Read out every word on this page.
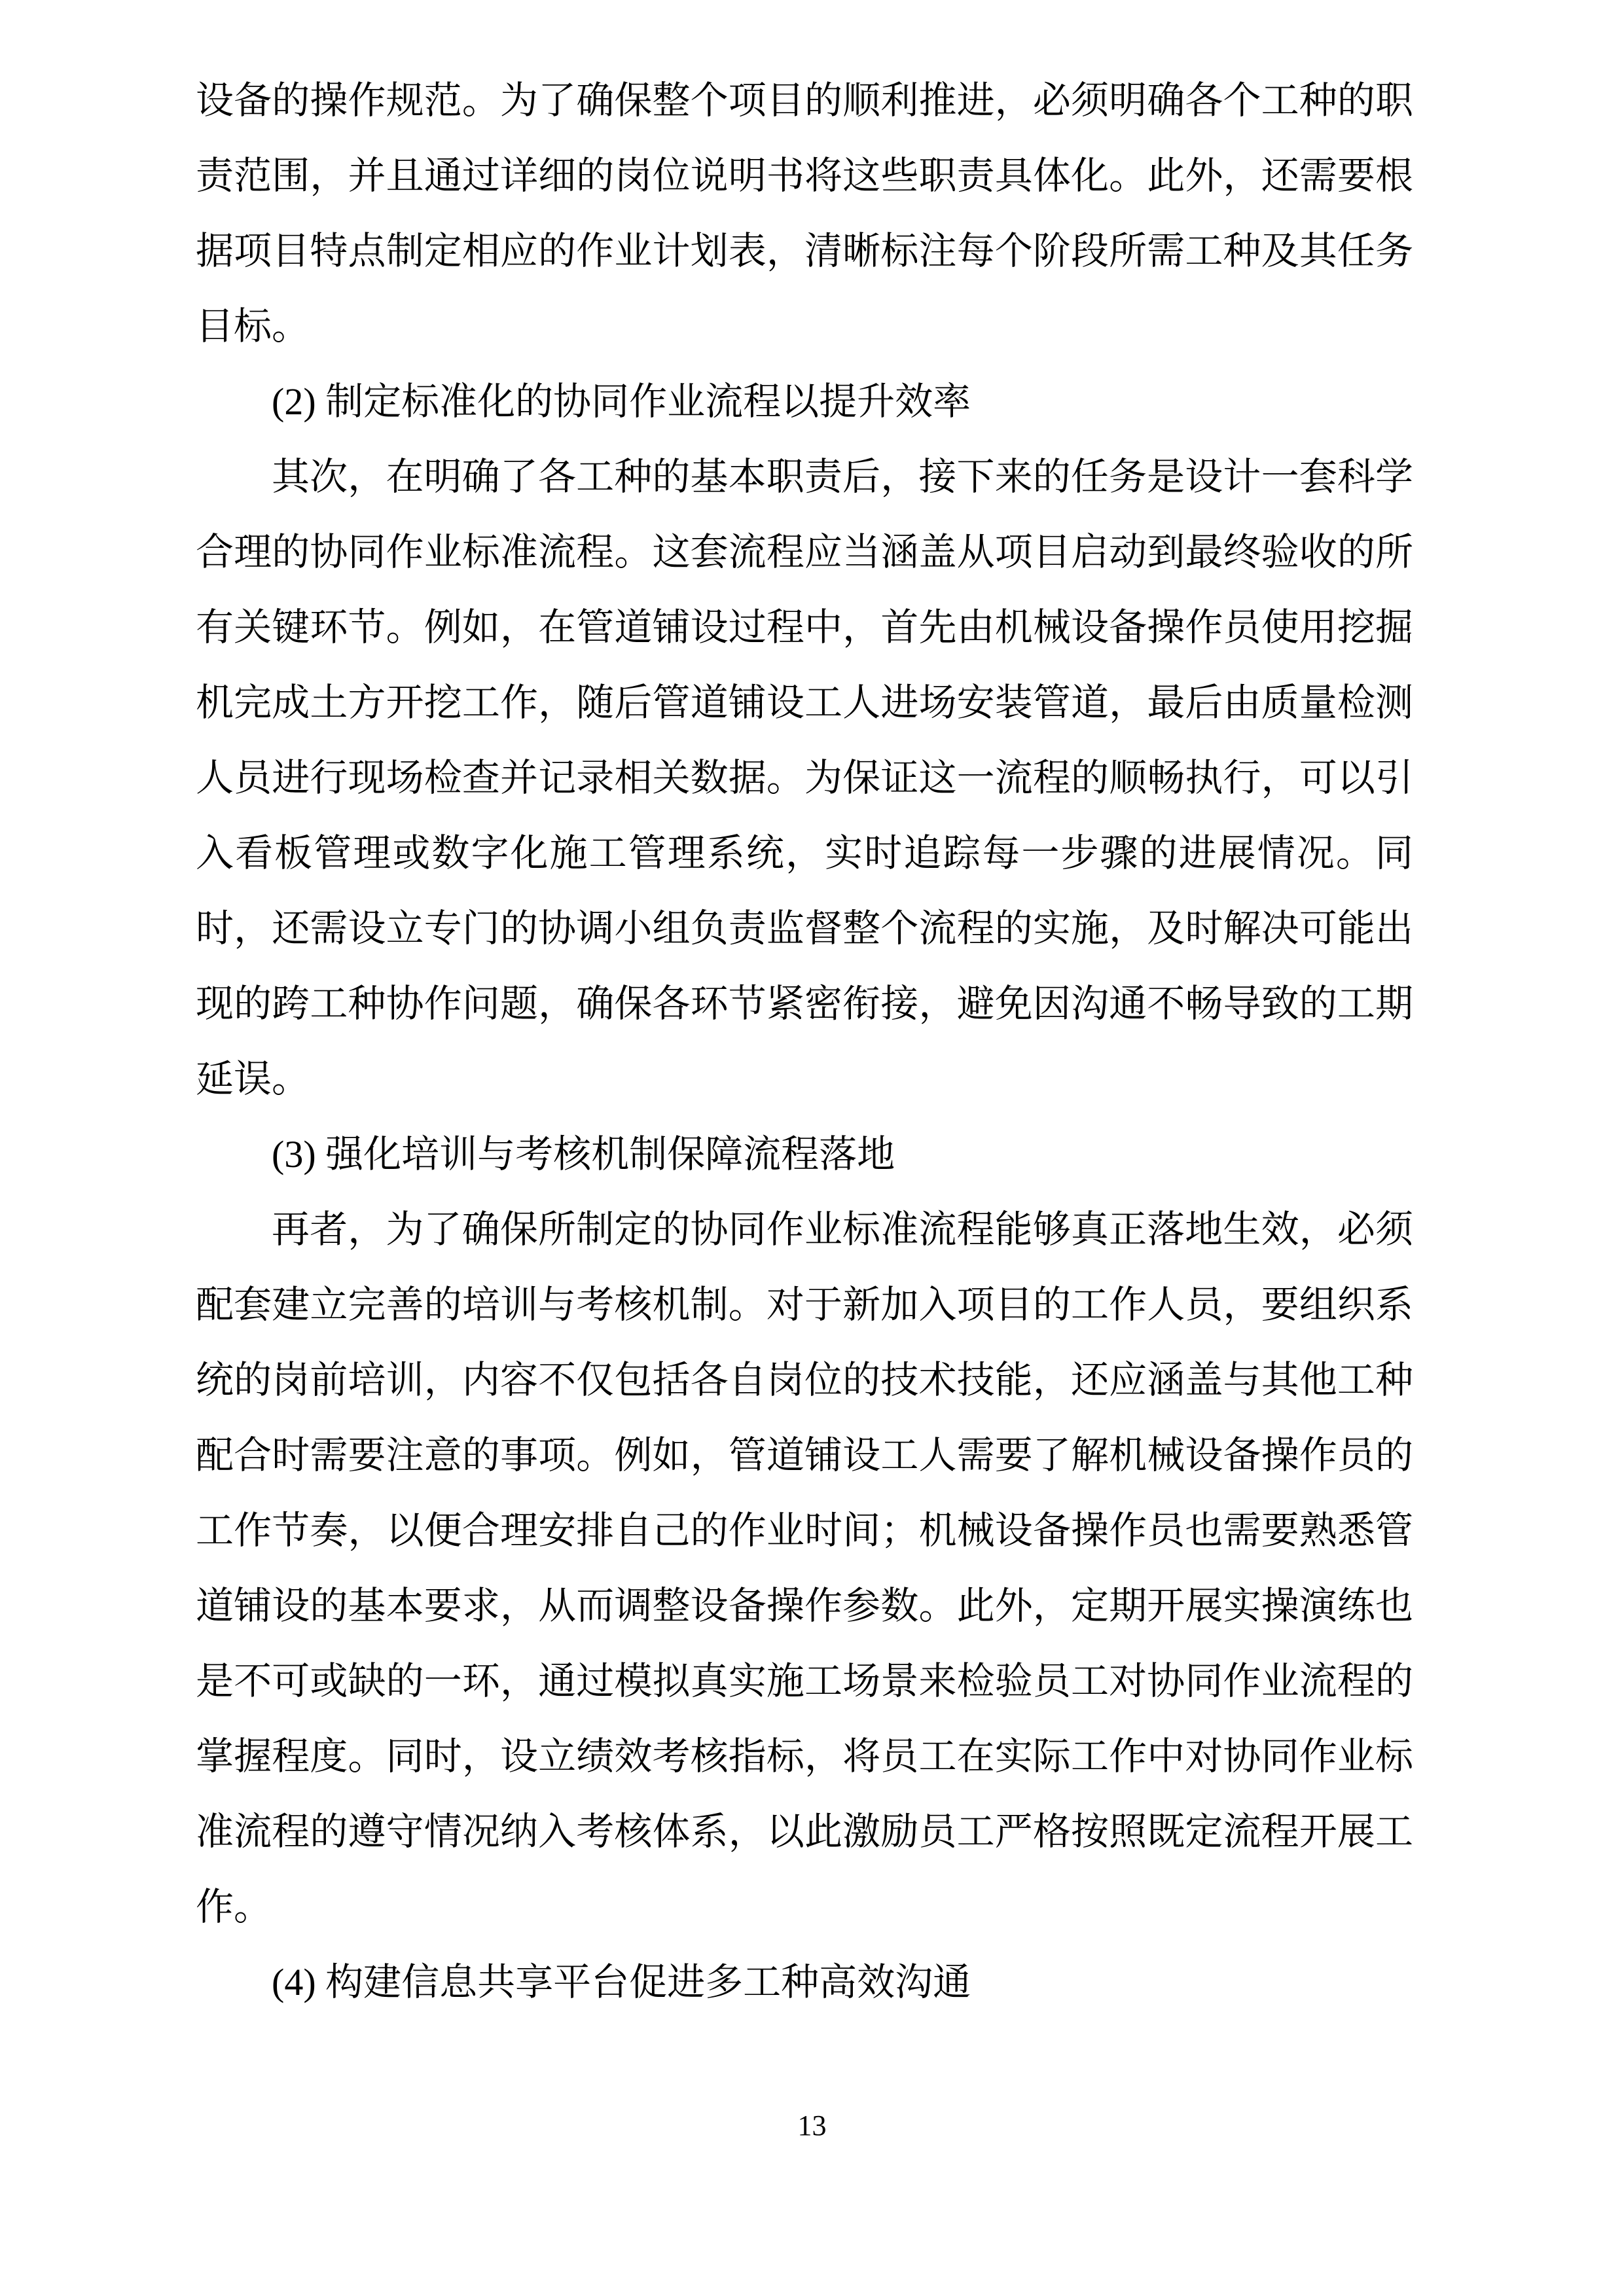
设备的操作规范。为了确保整个项目的顺利推进，必须明确各个工种的职责范围，并且通过详细的岗位说明书将这些职责具体化。此外，还需要根据项目特点制定相应的作业计划表，清晰标注每个阶段所需工种及其任务目标。

(2) 制定标准化的协同作业流程以提升效率

其次，在明确了各工种的基本职责后，接下来的任务是设计一套科学合理的协同作业标准流程。这套流程应当涵盖从项目启动到最终验收的所有关键环节。例如，在管道铺设过程中，首先由机械设备操作员使用挖掘机完成土方开挖工作，随后管道铺设工人进场安装管道，最后由质量检测人员进行现场检查并记录相关数据。为保证这一流程的顺畅执行，可以引入看板管理或数字化施工管理系统，实时追踪每一步骤的进展情况。同时，还需设立专门的协调小组负责监督整个流程的实施，及时解决可能出现的跨工种协作问题，确保各环节紧密衔接，避免因沟通不畅导致的工期延误。

(3) 强化培训与考核机制保障流程落地

再者，为了确保所制定的协同作业标准流程能够真正落地生效，必须配套建立完善的培训与考核机制。对于新加入项目的工作人员，要组织系统的岗前培训，内容不仅包括各自岗位的技术技能，还应涵盖与其他工种配合时需要注意的事项。例如，管道铺设工人需要了解机械设备操作员的工作节奏，以便合理安排自己的作业时间；机械设备操作员也需要熟悉管道铺设的基本要求，从而调整设备操作参数。此外，定期开展实操演练也是不可或缺的一环，通过模拟真实施工场景来检验员工对协同作业流程的掌握程度。同时，设立绩效考核指标，将员工在实际工作中对协同作业标准流程的遵守情况纳入考核体系，以此激励员工严格按照既定流程开展工作。

(4) 构建信息共享平台促进多工种高效沟通

13
